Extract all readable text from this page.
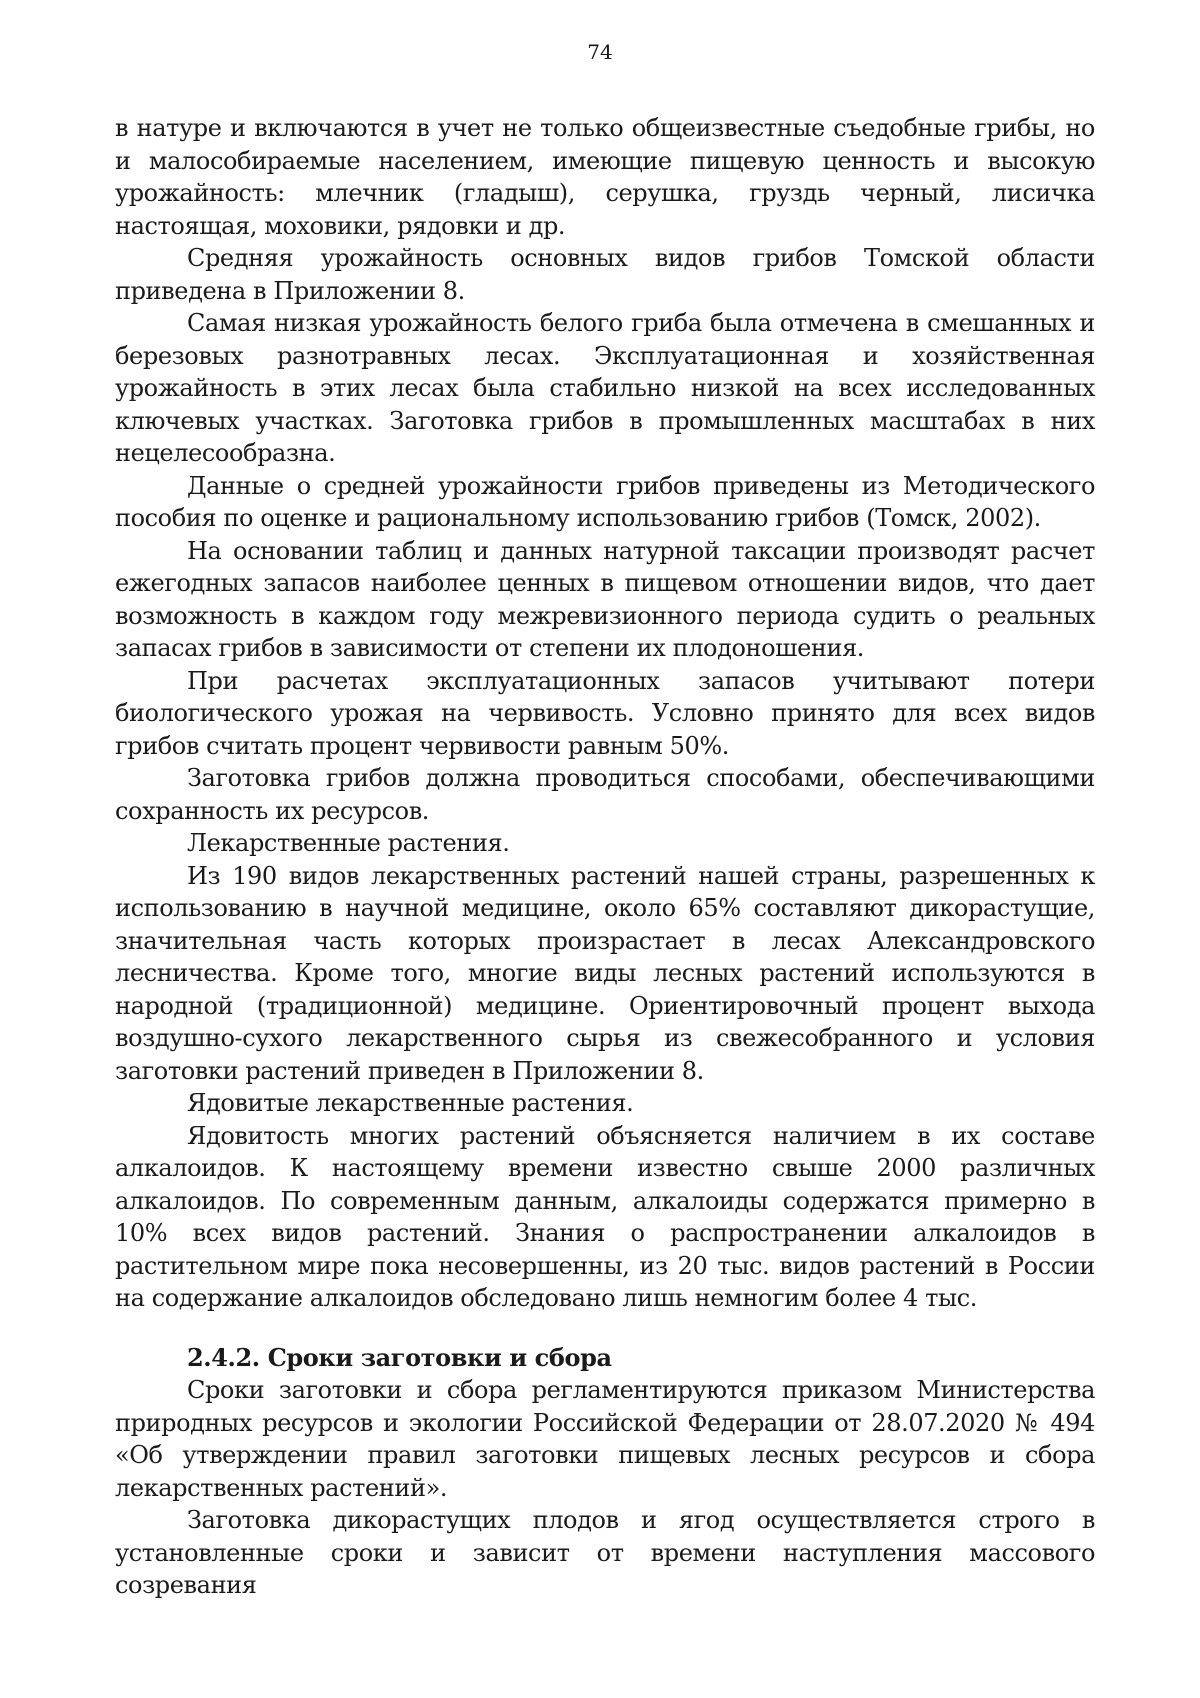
74

в натуре и включаются в учет не только общеизвестные съедобные грибы, но и малособираемые населением, имеющие пищевую ценность и высокую урожайность: млечник (гладыш), серушка, груздь черный, лисичка настоящая, моховики, рядовки и др.

Средняя урожайность основных видов грибов Томской области приведена в Приложении 8.

Самая низкая урожайность белого гриба была отмечена в смешанных и березовых разнотравных лесах. Эксплуатационная и хозяйственная урожайность в этих лесах была стабильно низкой на всех исследованных ключевых участках. Заготовка грибов в промышленных масштабах в них нецелесообразна.

Данные о средней урожайности грибов приведены из Методического пособия по оценке и рациональному использованию грибов (Томск, 2002).

На основании таблиц и данных натурной таксации производят расчет ежегодных запасов наиболее ценных в пищевом отношении видов, что дает возможность в каждом году межревизионного периода судить о реальных запасах грибов в зависимости от степени их плодоношения.

При расчетах эксплуатационных запасов учитывают потери биологического урожая на червивость. Условно принято для всех видов грибов считать процент червивости равным 50%.

Заготовка грибов должна проводиться способами, обеспечивающими сохранность их ресурсов.

Лекарственные растения.

Из 190 видов лекарственных растений нашей страны, разрешенных к использованию в научной медицине, около 65% составляют дикорастущие, значительная часть которых произрастает в лесах Александровского лесничества. Кроме того, многие виды лесных растений используются в народной (традиционной) медицине. Ориентировочный процент выхода воздушно-сухого лекарственного сырья из свежесобранного и условия заготовки растений приведен в Приложении 8.

Ядовитые лекарственные растения.

Ядовитость многих растений объясняется наличием в их составе алкалоидов. К настоящему времени известно свыше 2000 различных алкалоидов. По современным данным, алкалоиды содержатся примерно в 10% всех видов растений. Знания о распространении алкалоидов в растительном мире пока несовершенны, из 20 тыс. видов растений в России на содержание алкалоидов обследовано лишь немногим более 4 тыс.

2.4.2. Сроки заготовки и сбора

Сроки заготовки и сбора регламентируются приказом Министерства природных ресурсов и экологии Российской Федерации от 28.07.2020 № 494 «Об утверждении правил заготовки пищевых лесных ресурсов и сбора лекарственных растений».

Заготовка дикорастущих плодов и ягод осуществляется строго в установленные сроки и зависит от времени наступления массового созревания
